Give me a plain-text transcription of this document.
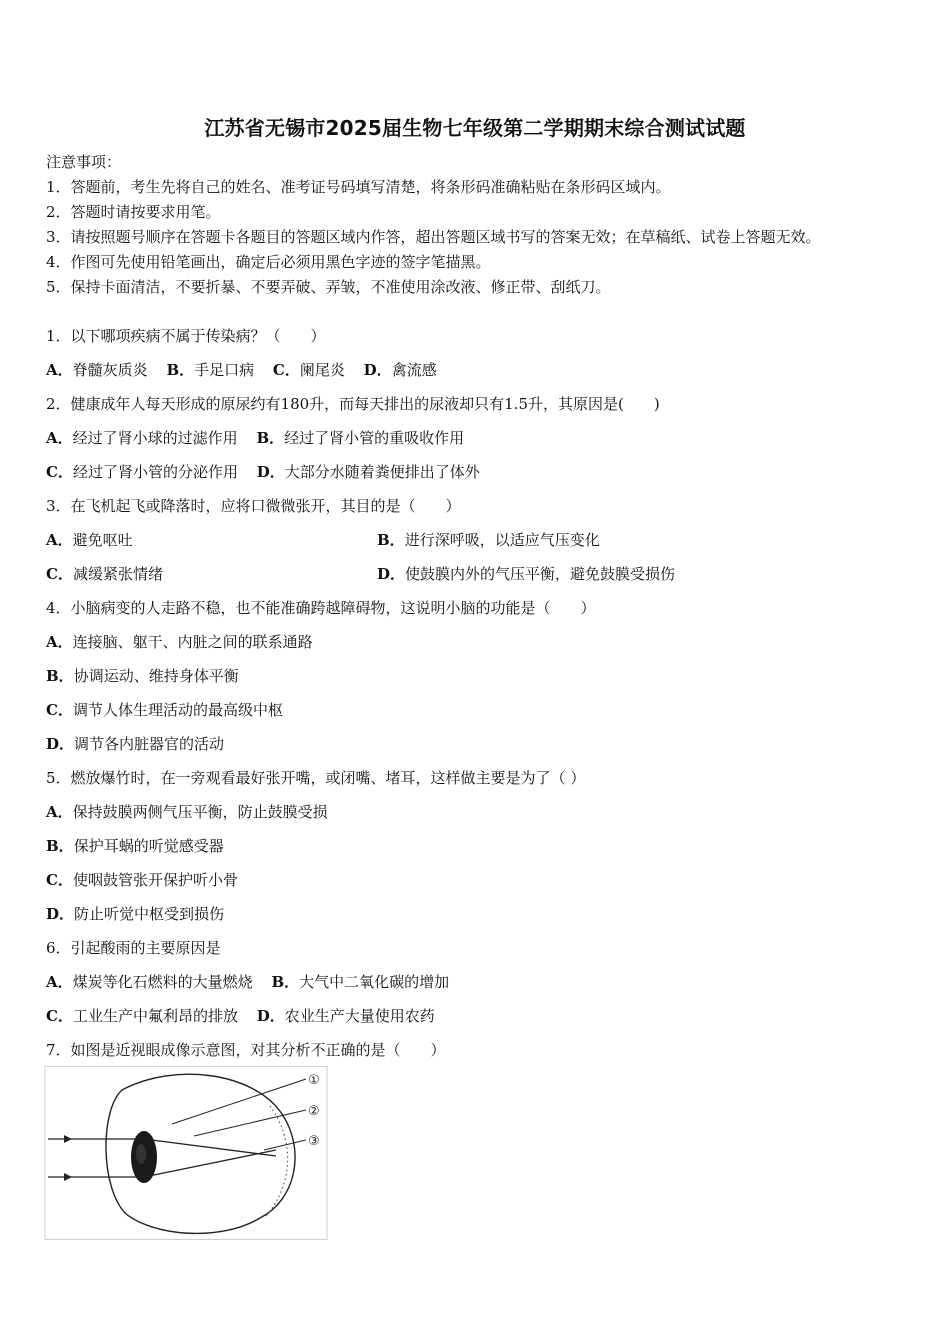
江苏省无锡市2025届生物七年级第二学期期末综合测试试题
注意事项：
1．答题前，考生先将自己的姓名、准考证号码填写清楚，将条形码准确粘贴在条形码区域内。
2．答题时请按要求用笔。
3．请按照题号顺序在答题卡各题目的答题区域内作答，超出答题区域书写的答案无效；在草稿纸、试卷上答题无效。
4．作图可先使用铅笔画出，确定后必须用黑色字迹的签字笔描黑。
5．保持卡面清洁，不要折暴、不要弄破、弄皱，不准使用涂改液、修正带、刮纸刀。
1．以下哪项疾病不属于传染病？（　　）
A．脊髓灰质炎 B．手足口病 C．阑尾炎 D．禽流感
2．健康成年人每天形成的原尿约有180升，而每天排出的尿液却只有1.5升，其原因是(　　)
A．经过了肾小球的过滤作用 B．经过了肾小管的重吸收作用
C．经过了肾小管的分泌作用 D．大部分水随着粪便排出了体外
3．在飞机起飞或降落时，应将口微微张开，其目的是（　　）
A．避免呕吐	B．进行深呼吸，以适应气压变化
C．减缓紧张情绪	D．使鼓膜内外的气压平衡，避免鼓膜受损伤
4．小脑病变的人走路不稳，也不能准确跨越障碍物，这说明小脑的功能是（　　）
A．连接脑、躯干、内脏之间的联系通路
B．协调运动、维持身体平衡
C．调节人体生理活动的最高级中枢
D．调节各内脏器官的活动
5．燃放爆竹时，在一旁观看最好张开嘴，或闭嘴、堵耳，这样做主要是为了（ ）
A．保持鼓膜两侧气压平衡，防止鼓膜受损
B．保护耳蜗的听觉感受器
C．使咽鼓管张开保护听小骨
D．防止听觉中枢受到损伤
6．引起酸雨的主要原因是
A．煤炭等化石燃料的大量燃烧 B．大气中二氧化碳的增加
C．工业生产中氟利昂的排放 D．农业生产大量使用农药
7．如图是近视眼成像示意图，对其分析不正确的是（　　）
①
②
③
